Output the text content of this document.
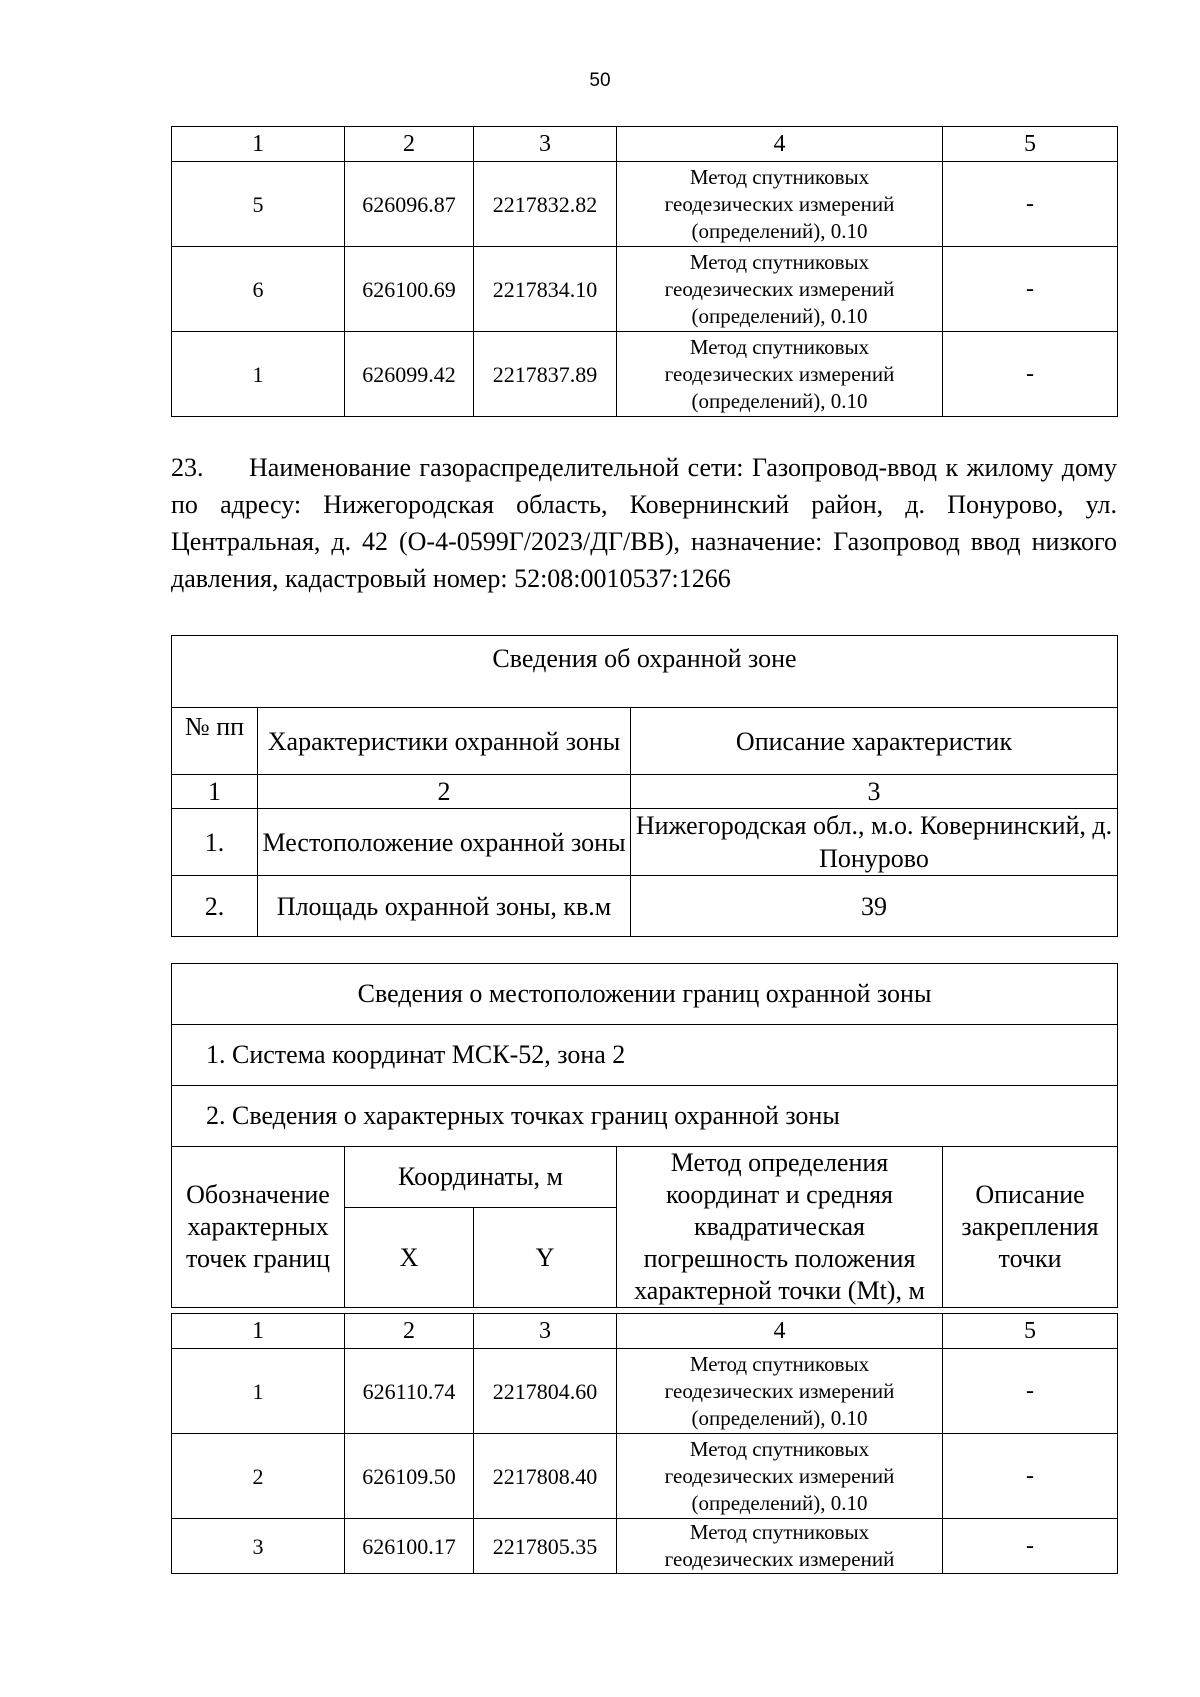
50
1	2	3	4	5
5	626096.87	2217832.82	Метод спутниковых
геодезических измерений
(определений), 0.10	-
6	626100.69	2217834.10	Метод спутниковых
геодезических измерений
(определений), 0.10	-
1	626099.42	2217837.89	Метод спутниковых
геодезических измерений
(определений), 0.10	-

23. Наименование газораспределительной сети: Газопровод-ввод к жилому дому по адресу: Нижегородская область, Ковернинский район, д. Понурово, ул. Центральная, д. 42 (О-4-0599Г/2023/ДГ/ВВ), назначение: Газопровод ввод низкого давления, кадастровый номер: 52:08:0010537:1266

Сведения об охранной зоне		
№ пп	Характеристики охранной зоны	Описание характеристик
1	2	3
1.	Местоположение охранной зоны	Нижегородская обл., м.о. Ковернинский, д. Понурово
2.	Площадь охранной зоны, кв.м	39
Сведения о местоположении границ охранной зоны				
1. Система координат МСК-52, зона 2				
2. Сведения о характерных точках границ охранной зоны				
Обозначение характерных точек границ	Координаты, м		Метод определения координат и средняя квадратическая погрешность положения характерной точки (Mt), м	Описание закрепления точки
	X	Y		
1	2	3	4	5
1	626110.74	2217804.60	Метод спутниковых
геодезических измерений
(определений), 0.10	-
2	626109.50	2217808.40	Метод спутниковых
геодезических измерений
(определений), 0.10	-
3	626100.17	2217805.35	Метод спутниковых
геодезических измерений	-
